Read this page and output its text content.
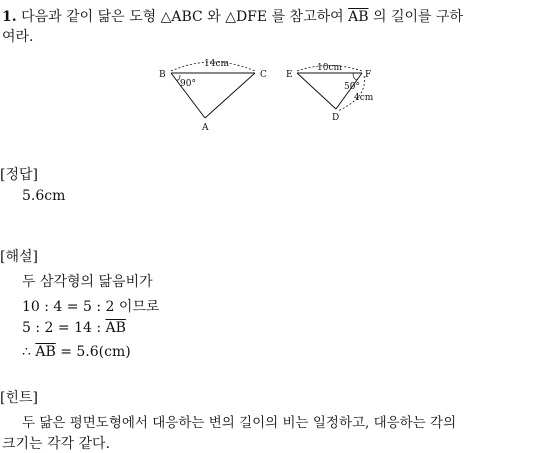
1. 다음과 같이 닮은 도형 △ABC 와 △DFE 를 참고하여 $\overline{AB}$ 의 길이를 구하
여라.
B	C
A
14cm
90°
E	F
D
10cm
50°
4cm
[정답]
5.6cm
[해설]
두 삼각형의 닮음비가
10 : 4 = 5 : 2 이므로
5 : 2 = 14 : $\overline{AB}$
∴ $\overline{AB} = 5.6(cm)$
[힌트]
두 닮은 평면도형에서 대응하는 변의 길이의 비는 일정하고, 대응하는 각의
크기는 각각 같다.
